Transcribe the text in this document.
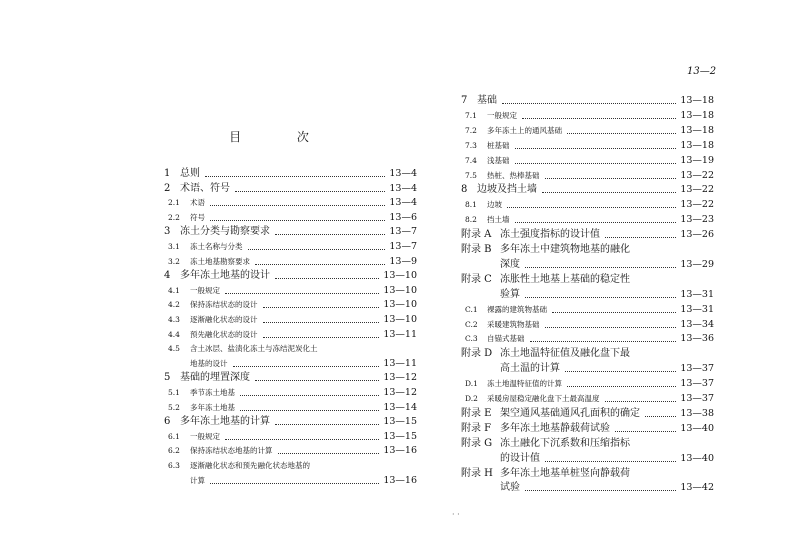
13—2
目 次
1 总则	13—4
2 术语、符号	13—4
2.1	术语	13—4
2.2	符号	13—6
3 冻土分类与勘察要求	13—7
3.1	冻土名称与分类	13—7
3.2	冻土地基勘察要求	13—9
4 多年冻土地基的设计	13—10
4.1	一般规定	13—10
4.2	保持冻结状态的设计	13—10
4.3	逐渐融化状态的设计	13—10
4.4	预先融化状态的设计	13—11
4.5	含土冰层、盐渍化冻土与冻结泥炭化土
地基的设计	13—11
5 基础的埋置深度	13—12
5.1	季节冻土地基	13—12
5.2	多年冻土地基	13—14
6 多年冻土地基的计算	13—15
6.1	一般规定	13—15
6.2	保持冻结状态地基的计算	13—16
6.3	逐渐融化状态和预先融化状态地基的
计算	13—16
7 基础	13—18
7.1	一般规定	13—18
7.2	多年冻土上的通风基础	13—18
7.3	桩基础	13—18
7.4	浅基础	13—19
7.5	热桩、热棒基础	13—22
8 边坡及挡土墙	13—22
8.1	边坡	13—22
8.2	挡土墙	13—23
附录 A 冻土强度指标的设计值	13—26
附录 B 多年冻土中建筑物地基的融化
深度	13—29
附录 C 冻胀性土地基上基础的稳定性
验算	13—31
C.1	裸露的建筑物基础	13—31
C.2	采暖建筑物基础	13—34
C.3	自锚式基础	13—36
附录 D 冻土地温特征值及融化盘下最
高土温的计算	13—37
D.1	冻土地温特征值的计算	13—37
D.2	采暖房屋稳定融化盘下土最高温度	13—37
附录 E 架空通风基础通风孔面积的确定	13—38
附录 F 多年冻土地基静载荷试验	13—40
附录 G 冻土融化下沉系数和压缩指标
的设计值	13—40
附录 H 多年冻土地基单桩竖向静载荷
试验	13—42
· ·
